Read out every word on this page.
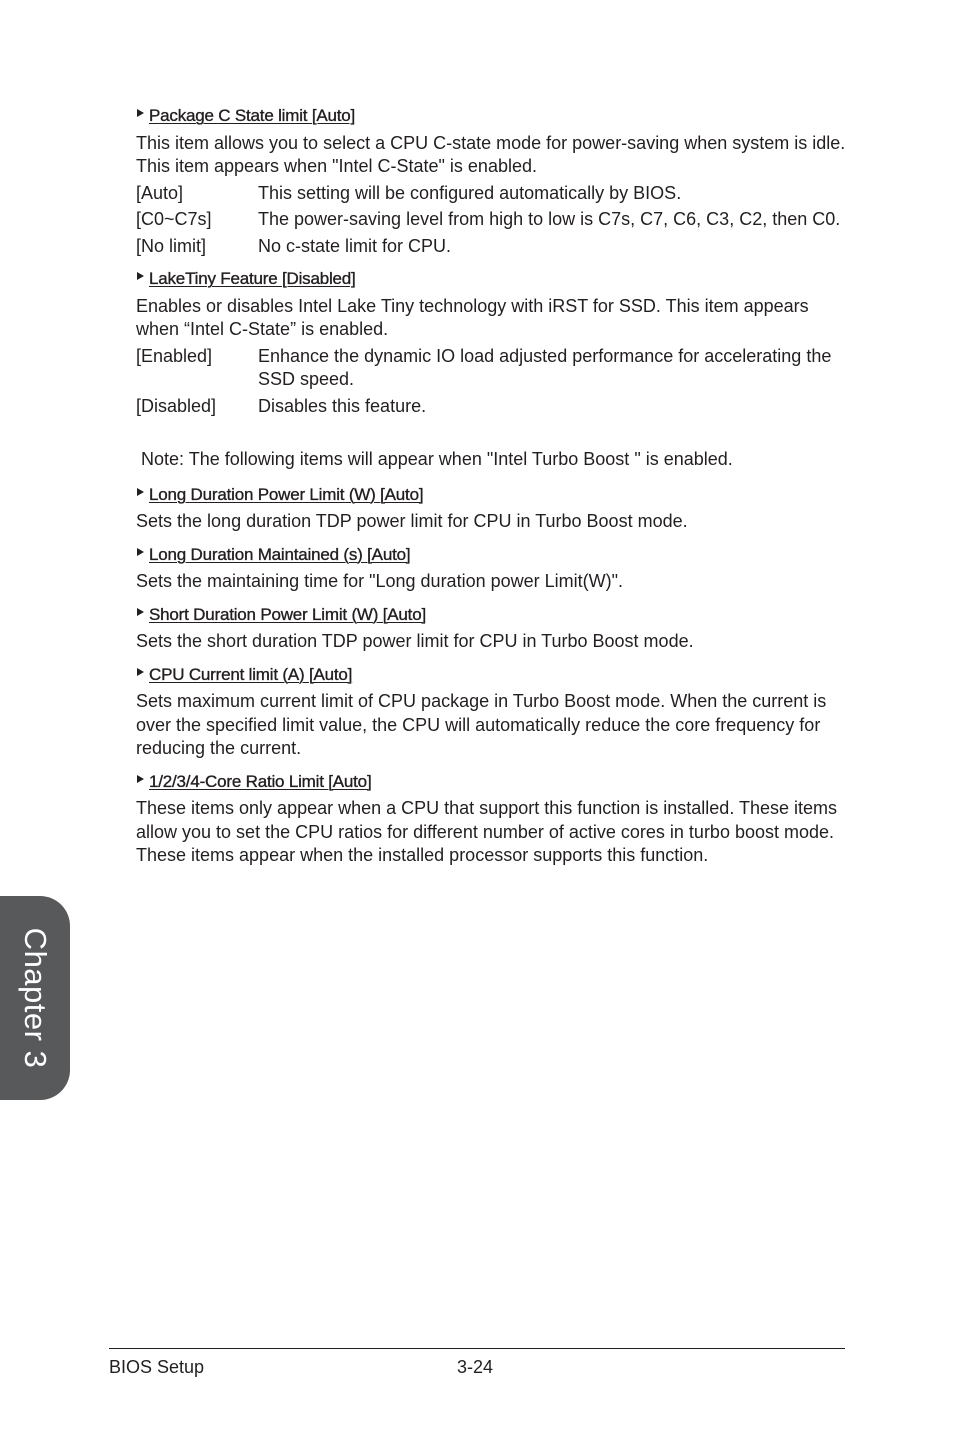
Package C State limit [Auto]

This item allows you to select a CPU C-state mode for power-saving when system is idle. This item appears when "Intel C-State" is enabled.

[Auto]	This setting will be configured automatically by BIOS.
[C0~C7s]	The power-saving level from high to low is C7s, C7, C6, C3, C2, then C0.
[No limit]	No c-state limit for CPU.
LakeTiny Feature [Disabled]

Enables or disables Intel Lake Tiny technology with iRST for SSD. This item appears when “Intel C-State” is enabled.

[Enabled]	Enhance the dynamic IO load adjusted performance for accelerating the SSD speed.
[Disabled]	Disables this feature.

Note: The following items will appear when "Intel Turbo Boost " is enabled.

Long Duration Power Limit (W) [Auto]

Sets the long duration TDP power limit for CPU in Turbo Boost mode.

Long Duration Maintained (s) [Auto]

Sets the maintaining time for "Long duration power Limit(W)".

Short Duration Power Limit (W) [Auto]

Sets the short duration TDP power limit for CPU in Turbo Boost mode.

CPU Current limit (A) [Auto]

Sets maximum current limit of CPU package in Turbo Boost mode. When the current is over the specified limit value, the CPU will automatically reduce the core frequency for reducing the current.

1/2/3/4-Core Ratio Limit [Auto]

These items only appear when a CPU that support this function is installed. These items allow you to set the CPU ratios for different number of active cores in turbo boost mode. These items appear when the installed processor supports this function.

Chapter 3
BIOS Setup	3-24
